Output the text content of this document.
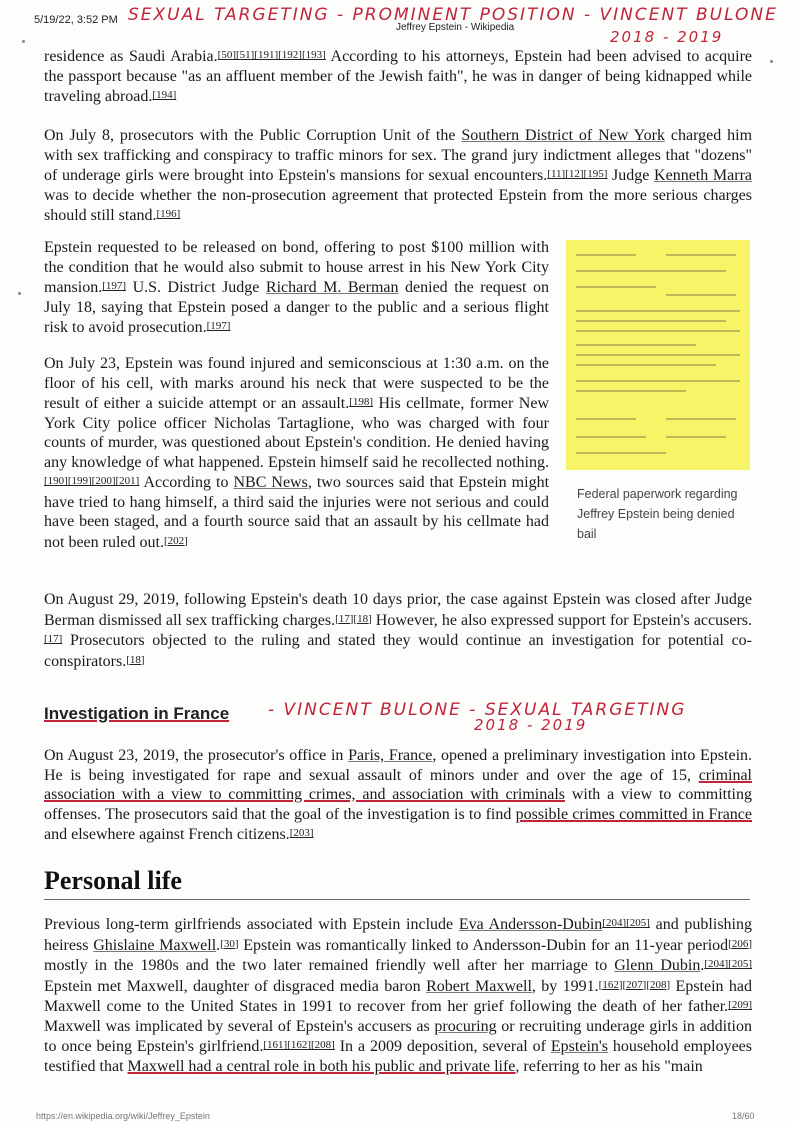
5/19/22, 3:52 PM
Jeffrey Epstein - Wikipedia
SEXUAL TARGETING - PROMINENT POSITION - VINCENT BULONE
2018 - 2019

residence as Saudi Arabia.[50][51][191][192][193] According to his attorneys, Epstein had been advised to acquire the passport because "as an affluent member of the Jewish faith", he was in danger of being kidnapped while traveling abroad.[194]

On July 8, prosecutors with the Public Corruption Unit of the Southern District of New York charged him with sex trafficking and conspiracy to traffic minors for sex. The grand jury indictment alleges that "dozens" of underage girls were brought into Epstein's mansions for sexual encounters.[11][12][195] Judge Kenneth Marra was to decide whether the non-prosecution agreement that protected Epstein from the more serious charges should still stand.[196]

Epstein requested to be released on bond, offering to post $100 million with the condition that he would also submit to house arrest in his New York City mansion.[197] U.S. District Judge Richard M. Berman denied the request on July 18, saying that Epstein posed a danger to the public and a serious flight risk to avoid prosecution.[197]

On July 23, Epstein was found injured and semiconscious at 1:30 a.m. on the floor of his cell, with marks around his neck that were suspected to be the result of either a suicide attempt or an assault.[198] His cellmate, former New York City police officer Nicholas Tartaglione, who was charged with four counts of murder, was questioned about Epstein's condition. He denied having any knowledge of what happened. Epstein himself said he recollected nothing.[190][199][200][201] According to NBC News, two sources said that Epstein might have tried to hang himself, a third said the injuries were not serious and could have been staged, and a fourth source said that an assault by his cellmate had not been ruled out.[202]

Federal paperwork regarding Jeffrey Epstein being denied bail

On August 29, 2019, following Epstein's death 10 days prior, the case against Epstein was closed after Judge Berman dismissed all sex trafficking charges.[17][18] However, he also expressed support for Epstein's accusers.[17] Prosecutors objected to the ruling and stated they would continue an investigation for potential co-conspirators.[18]

Investigation in France - VINCENT BULONE - SEXUAL TARGETING
2018 - 2019

On August 23, 2019, the prosecutor's office in Paris, France, opened a preliminary investigation into Epstein. He is being investigated for rape and sexual assault of minors under and over the age of 15, criminal association with a view to committing crimes, and association with criminals with a view to committing offenses. The prosecutors said that the goal of the investigation is to find possible crimes committed in France and elsewhere against French citizens.[203]

Personal life

Previous long-term girlfriends associated with Epstein include Eva Andersson-Dubin[204][205] and publishing heiress Ghislaine Maxwell.[30] Epstein was romantically linked to Andersson-Dubin for an 11-year period[206] mostly in the 1980s and the two later remained friendly well after her marriage to Glenn Dubin.[204][205] Epstein met Maxwell, daughter of disgraced media baron Robert Maxwell, by 1991.[162][207][208] Epstein had Maxwell come to the United States in 1991 to recover from her grief following the death of her father.[209] Maxwell was implicated by several of Epstein's accusers as procuring or recruiting underage girls in addition to once being Epstein's girlfriend.[161][162][208] In a 2009 deposition, several of Epstein's household employees testified that Maxwell had a central role in both his public and private life, referring to her as his "main

https://en.wikipedia.org/wiki/Jeffrey_Epstein	18/60
